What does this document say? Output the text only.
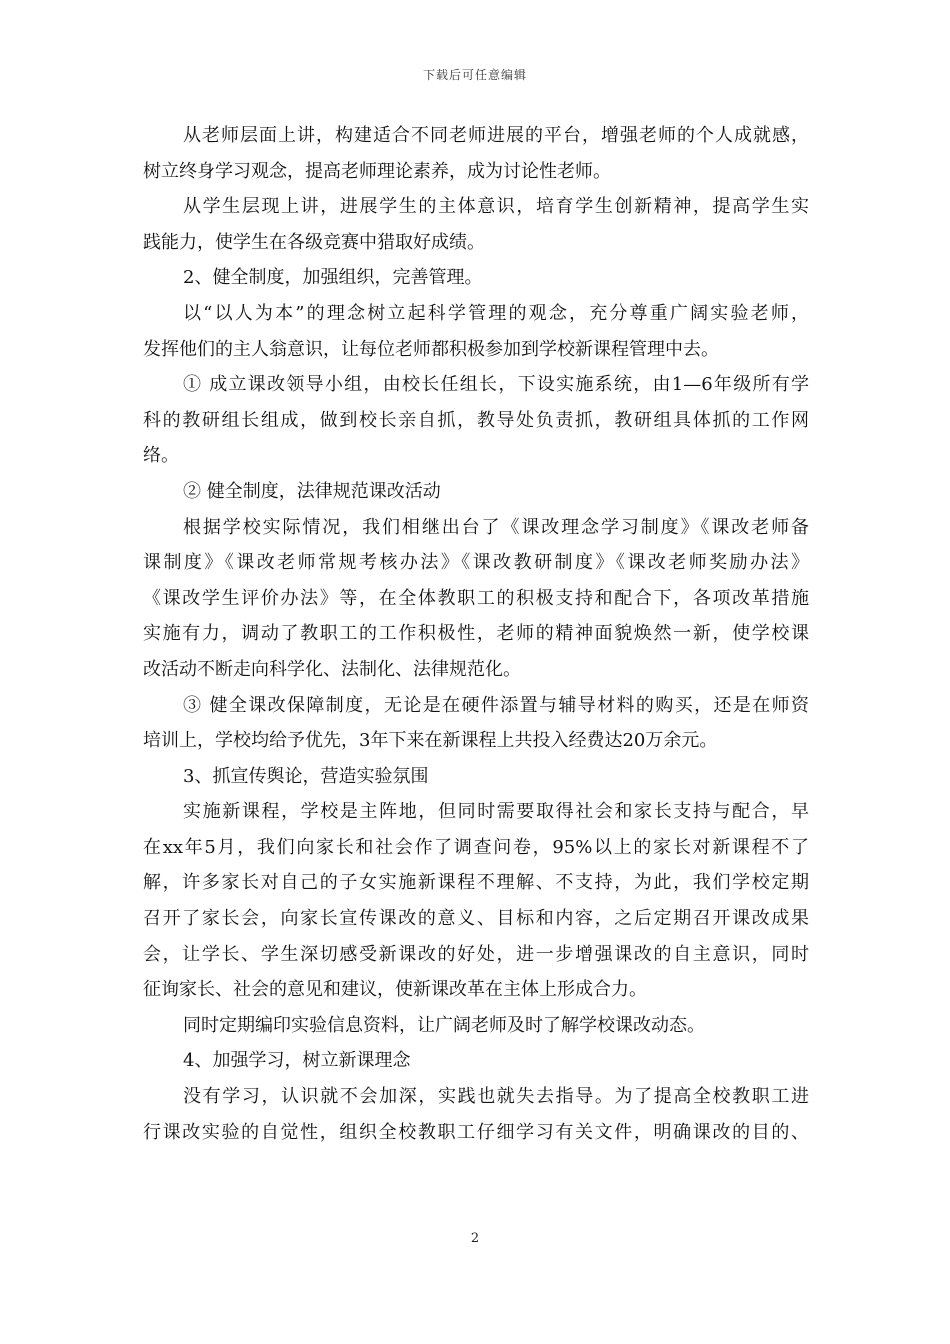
下载后可任意编辑
从老师层面上讲，构建适合不同老师进展的平台，增强老师的个人成就感，
树立终身学习观念，提高老师理论素养，成为讨论性老师。
从学生层现上讲，进展学生的主体意识，培育学生创新精神，提高学生实
践能力，使学生在各级竞赛中猎取好成绩。
2、健全制度，加强组织，完善管理。
以“以人为本”的理念树立起科学管理的观念，充分尊重广阔实验老师，
发挥他们的主人翁意识，让每位老师都积极参加到学校新课程管理中去。
① 成立课改领导小组，由校长任组长，下设实施系统，由1—6年级所有学
科的教研组长组成，做到校长亲自抓，教导处负责抓，教研组具体抓的工作网
络。
② 健全制度，法律规范课改活动
根据学校实际情况，我们相继出台了《课改理念学习制度》《课改老师备
课制度》《课改老师常规考核办法》《课改教研制度》《课改老师奖励办法》
《课改学生评价办法》等，在全体教职工的积极支持和配合下，各项改革措施
实施有力，调动了教职工的工作积极性，老师的精神面貌焕然一新，使学校课
改活动不断走向科学化、法制化、法律规范化。
③ 健全课改保障制度，无论是在硬件添置与辅导材料的购买，还是在师资
培训上，学校均给予优先，3年下来在新课程上共投入经费达20万余元。
3、抓宣传舆论，营造实验氛围
实施新课程，学校是主阵地，但同时需要取得社会和家长支持与配合，早
在xx年5月，我们向家长和社会作了调查问卷，95%以上的家长对新课程不了
解，许多家长对自己的子女实施新课程不理解、不支持，为此，我们学校定期
召开了家长会，向家长宣传课改的意义、目标和内容，之后定期召开课改成果
会，让学长、学生深切感受新课改的好处，进一步增强课改的自主意识，同时
征询家长、社会的意见和建议，使新课改革在主体上形成合力。
同时定期编印实验信息资料，让广阔老师及时了解学校课改动态。
4、加强学习，树立新课理念
没有学习，认识就不会加深，实践也就失去指导。为了提高全校教职工进
行课改实验的自觉性，组织全校教职工仔细学习有关文件，明确课改的目的、
2
